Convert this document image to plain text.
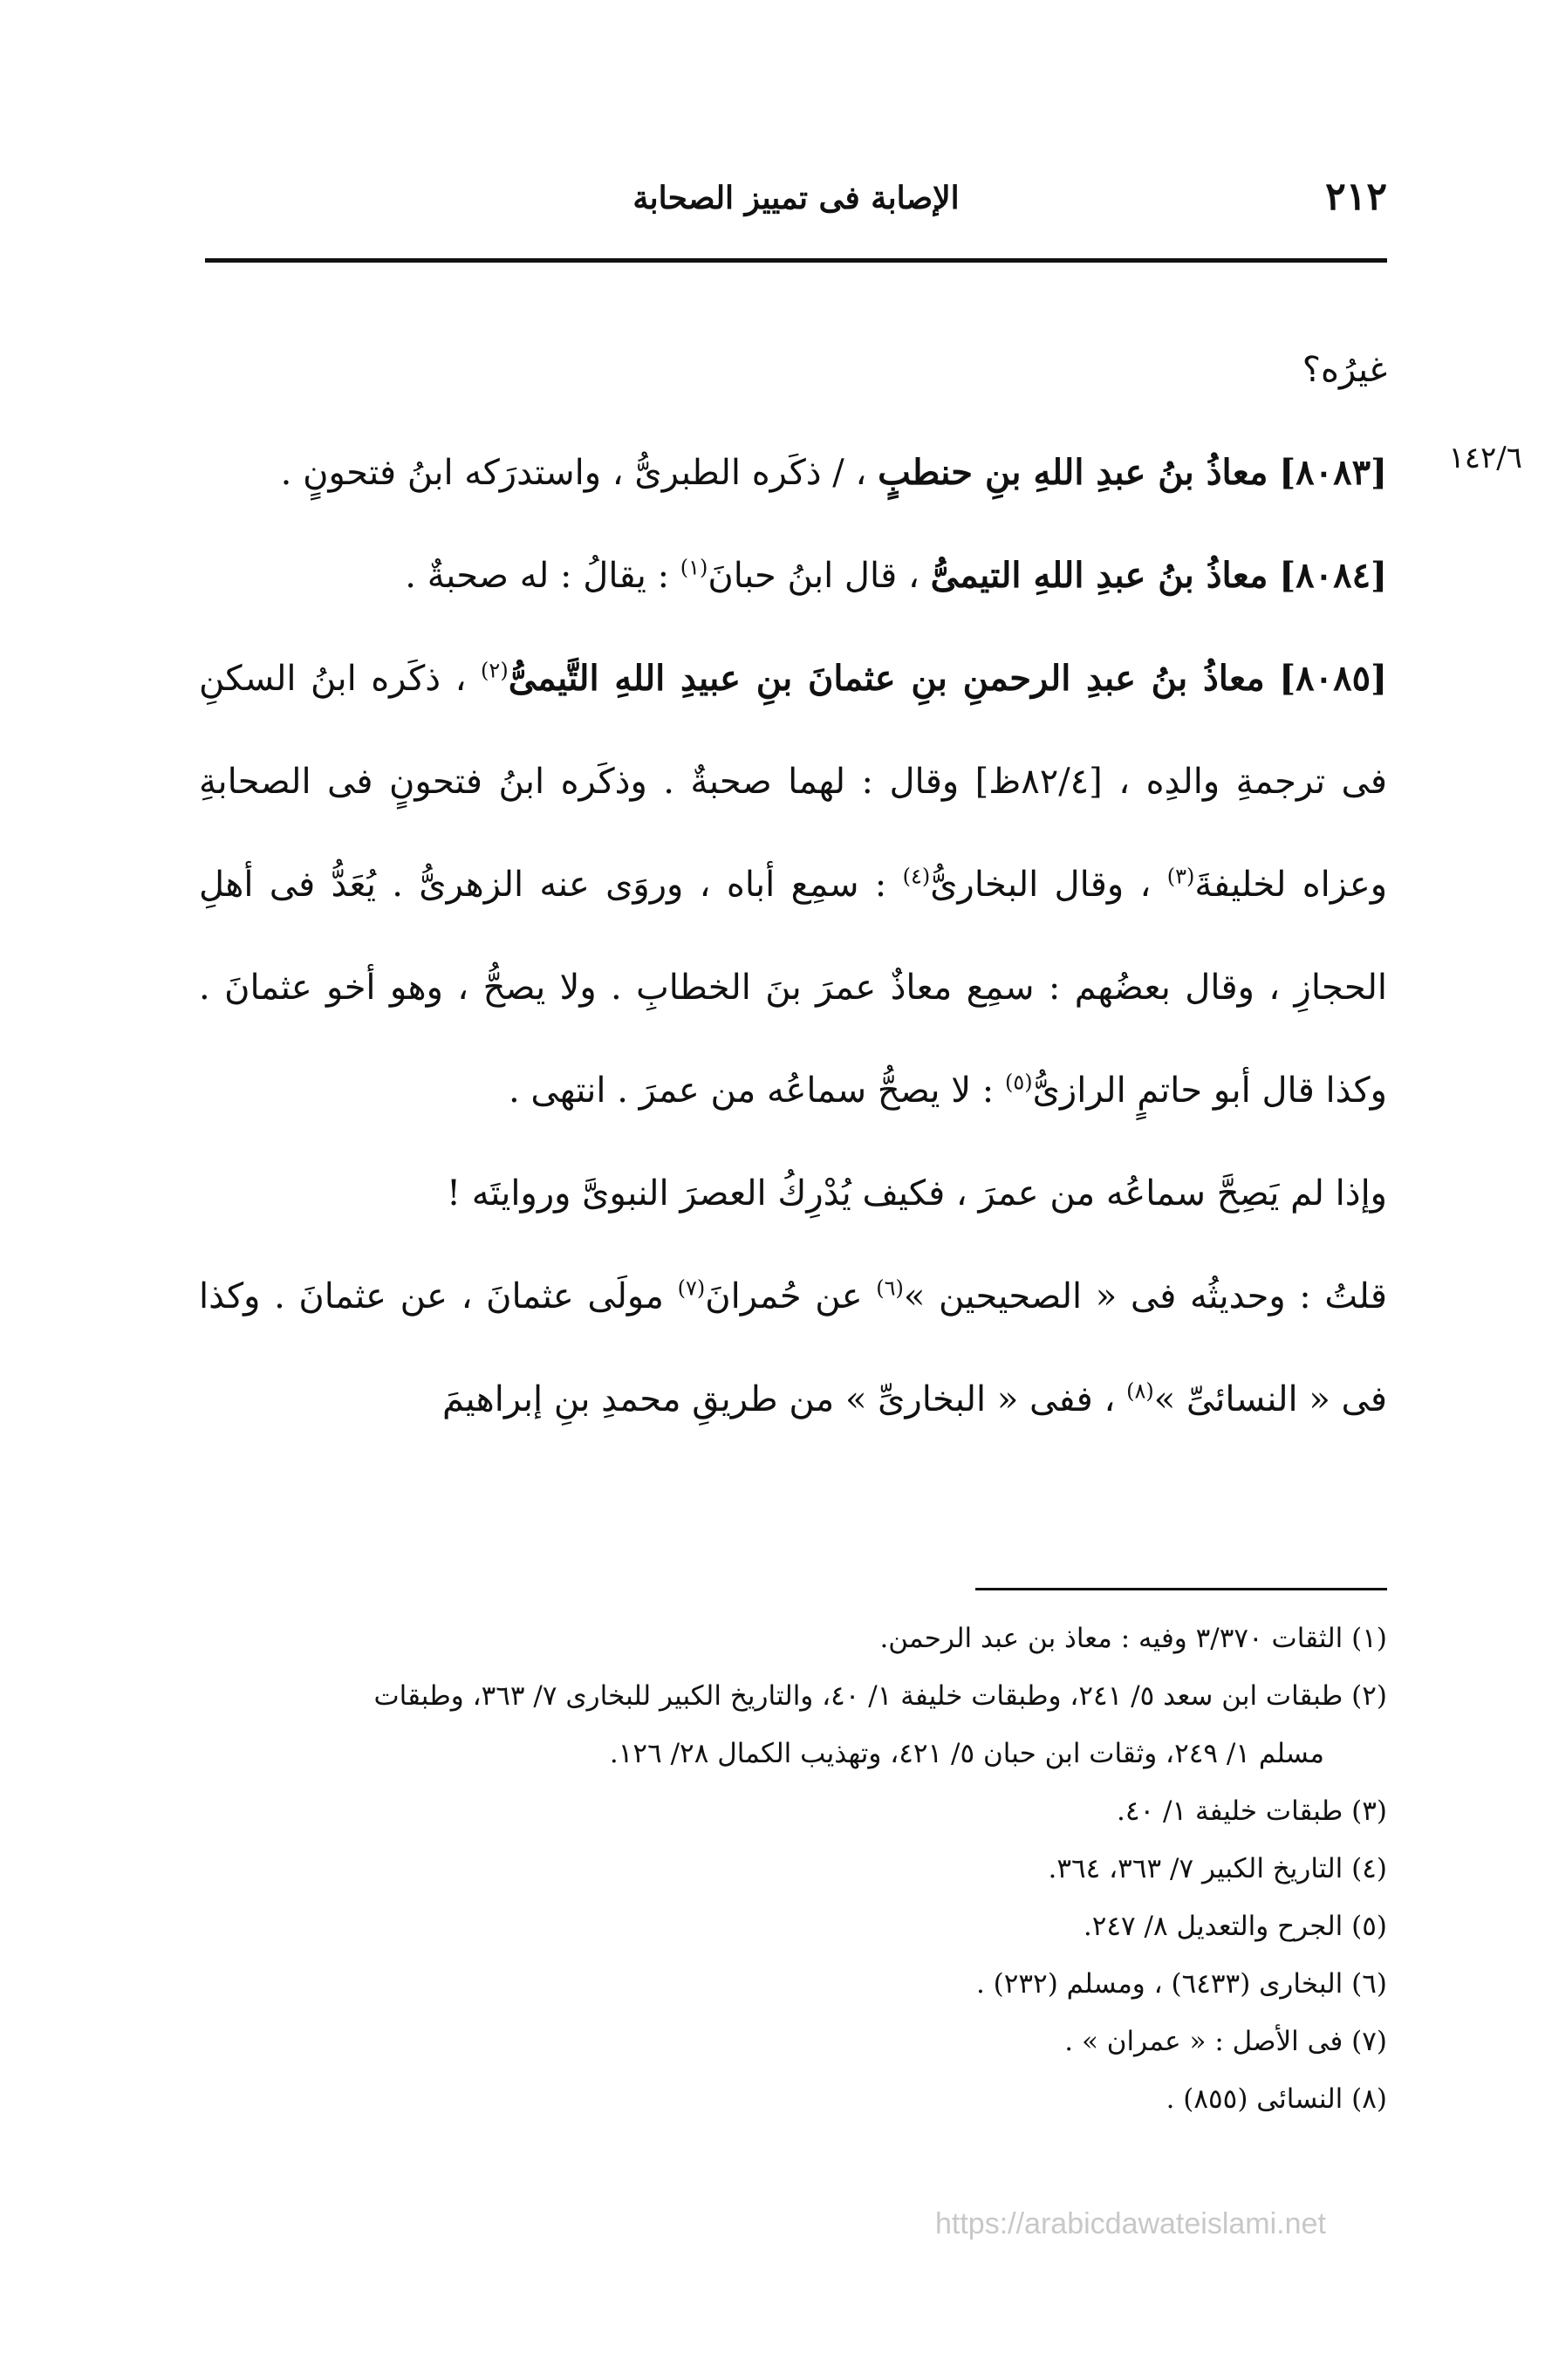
٢١٢
الإصابة فى تمييز الصحابة
١٤٢/٦

غيرُه؟

[٨٠٨٣] معاذُ بنُ عبدِ اللهِ بنِ حنطبٍ ، / ذكَره الطبرىُّ ، واستدرَكه ابنُ فتحونٍ .

[٨٠٨٤] معاذُ بنُ عبدِ اللهِ التيمىُّ ، قال ابنُ حبانَ$^{(١)}$ : يقالُ : له صحبةٌ .

[٨٠٨٥] معاذُ بنُ عبدِ الرحمنِ بنِ عثمانَ بنِ عبيدِ اللهِ التَّيمىُّ$^{(٢)}$ ، ذكَره ابنُ السكنِ فى ترجمةِ والدِه ، [٨٢/٤ظ] وقال : لهما صحبةٌ . وذكَره ابنُ فتحونٍ فى الصحابةِ وعزاه لخليفةَ$^{(٣)}$ ، وقال البخارىُّ$^{(٤)}$ : سمِع أباه ، وروَى عنه الزهرىُّ . يُعَدُّ فى أهلِ الحجازِ ، وقال بعضُهم : سمِع معاذٌ عمرَ بنَ الخطابِ . ولا يصحُّ ، وهو أخو عثمانَ . وكذا قال أبو حاتمٍ الرازىُّ$^{(٥)}$ : لا يصحُّ سماعُه من عمرَ . انتهى .

وإذا لم يَصِحَّ سماعُه من عمرَ ، فكيف يُدْرِكُ العصرَ النبوىَّ وروايتَه !

قلتُ : وحديثُه فى « الصحيحين »$^{(٦)}$ عن حُمرانَ$^{(٧)}$ مولَى عثمانَ ، عن عثمانَ . وكذا فى « النسائىِّ »$^{(٨)}$ ، ففى « البخارىِّ » من طريقِ محمدِ بنِ إبراهيمَ

(١) الثقات ٣/٣٧٠ وفيه : معاذ بن عبد الرحمن.

(٢) طبقات ابن سعد ٥/ ٢٤١، وطبقات خليفة ١/ ٤٠، والتاريخ الكبير للبخارى ٧/ ٣٦٣، وطبقات

مسلم ١/ ٢٤٩، وثقات ابن حبان ٥/ ٤٢١، وتهذيب الكمال ٢٨/ ١٢٦.

(٣) طبقات خليفة ١/ ٤٠.

(٤) التاريخ الكبير ٧/ ٣٦٣، ٣٦٤.

(٥) الجرح والتعديل ٨/ ٢٤٧.

(٦) البخارى (٦٤٣٣) ، ومسلم (٢٣٢) .

(٧) فى الأصل : « عمران » .

(٨) النسائى (٨٥٥) .

https://arabicdawateislami.net
